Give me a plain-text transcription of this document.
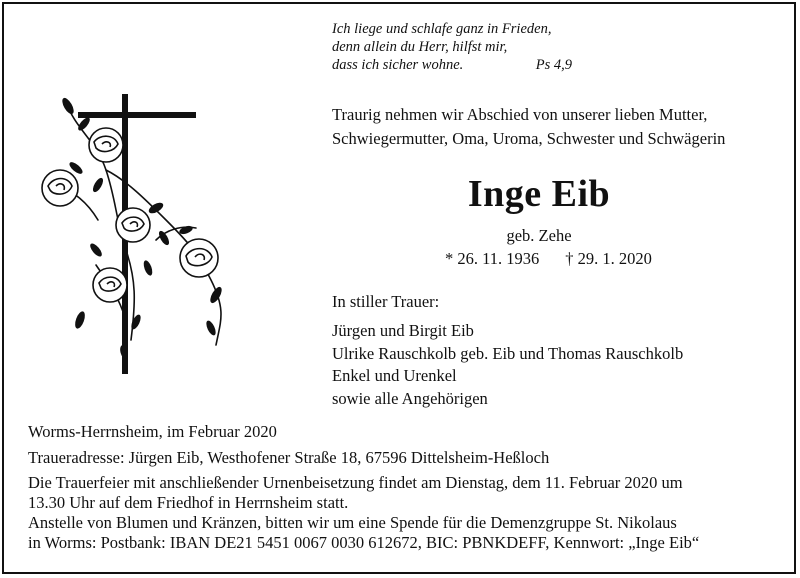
Ich liege und schlafe ganz in Frieden,
denn allein du Herr, hilfst mir,
dass ich sicher wohne.	Ps 4,9
Traurig nehmen wir Abschied von unserer lieben Mutter,
Schwiegermutter, Oma, Uroma, Schwester und Schwägerin
Inge Eib
geb. Zehe
* 26. 11. 1936 † 29. 1. 2020
In stiller Trauer:
Jürgen und Birgit Eib
Ulrike Rauschkolb geb. Eib und Thomas Rauschkolb
Enkel und Urenkel
sowie alle Angehörigen
Worms-Herrnsheim, im Februar 2020
Traueradresse: Jürgen Eib, Westhofener Straße 18, 67596 Dittelsheim-Heßloch
Die Trauerfeier mit anschließender Urnenbeisetzung findet am Dienstag, dem 11. Februar 2020 um
13.30 Uhr auf dem Friedhof in Herrnsheim statt.
Anstelle von Blumen und Kränzen, bitten wir um eine Spende für die Demenzgruppe St. Nikolaus
in Worms: Postbank: IBAN DE21 5451 0067 0030 612672, BIC: PBNKDEFF, Kennwort: „Inge Eib“
